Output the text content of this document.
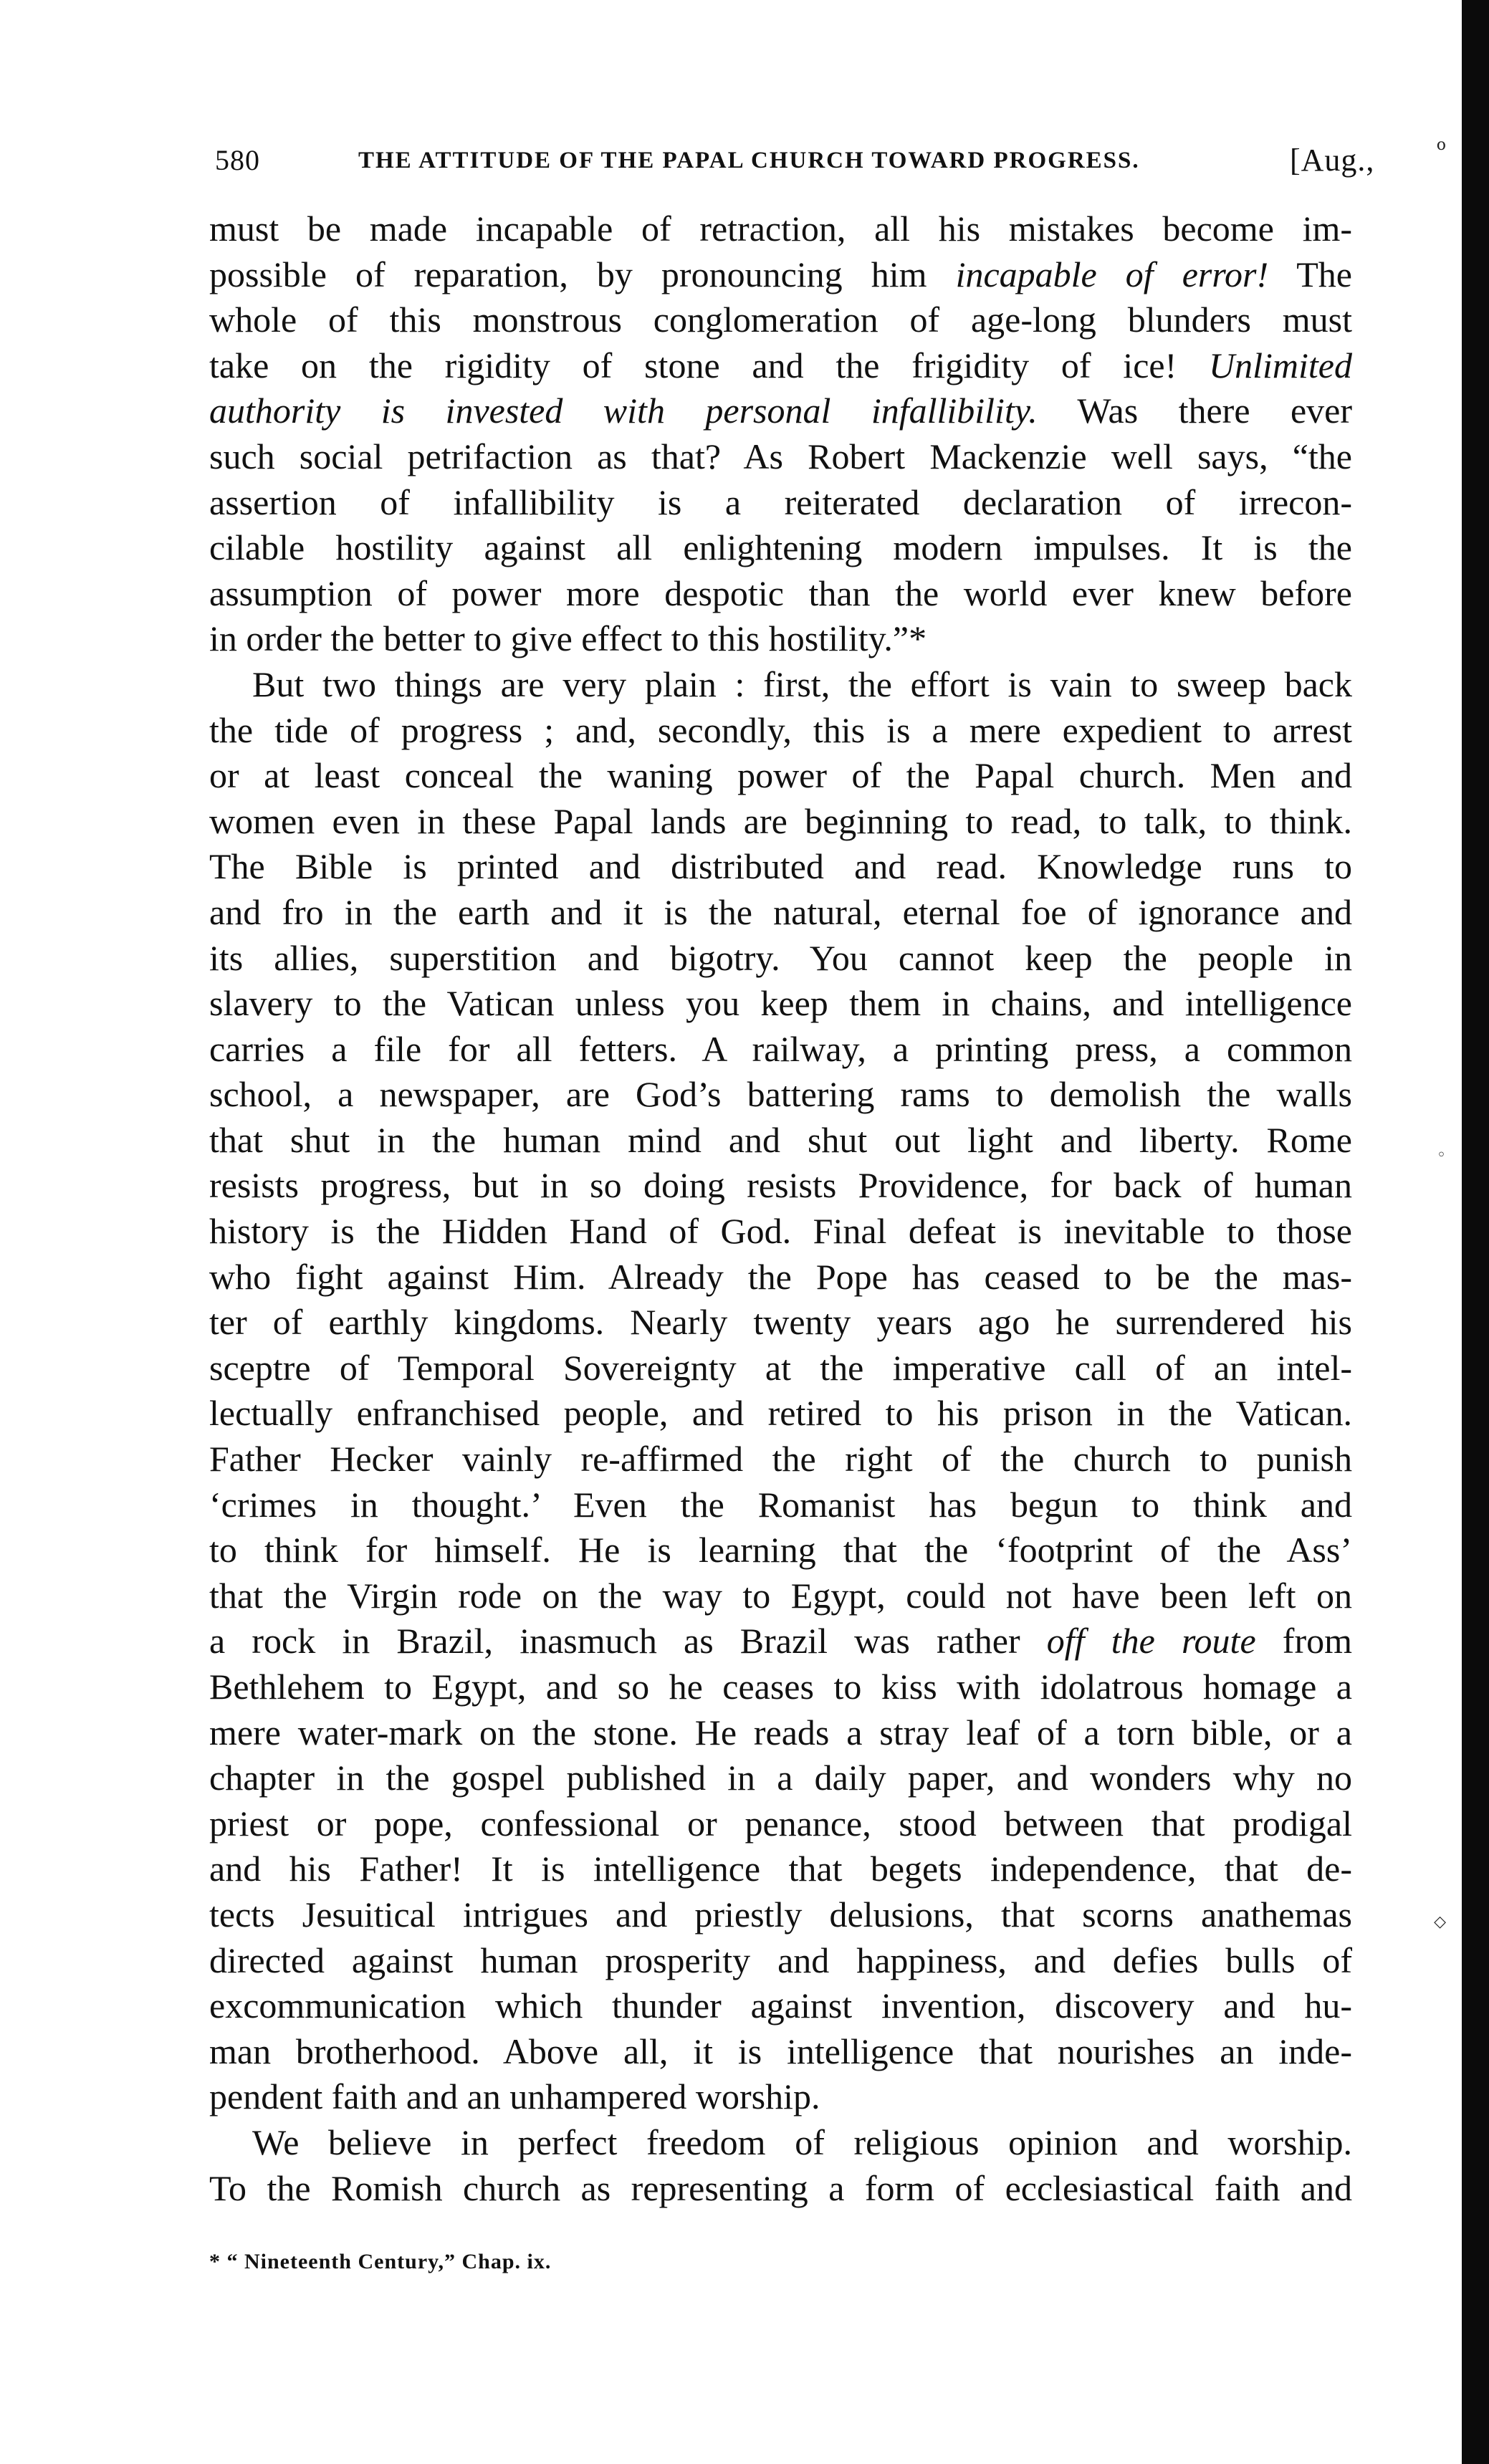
580	THE ATTITUDE OF THE PAPAL CHURCH TOWARD PROGRESS.	[Aug.,
must be made incapable of retraction, all his mistakes become im-
possible of reparation, by pronouncing him incapable of error! The
whole of this monstrous conglomeration of age-long blunders must
take on the rigidity of stone and the frigidity of ice! Unlimited
authority is invested with personal infallibility. Was there ever
such social petrifaction as that? As Robert Mackenzie well says, “the
assertion of infallibility is a reiterated declaration of irrecon-
cilable hostility against all enlightening modern impulses. It is the
assumption of power more despotic than the world ever knew before
in order the better to give effect to this hostility.”*
But two things are very plain : first, the effort is vain to sweep back
the tide of progress ; and, secondly, this is a mere expedient to arrest
or at least conceal the waning power of the Papal church. Men and
women even in these Papal lands are beginning to read, to talk, to think.
The Bible is printed and distributed and read. Knowledge runs to
and fro in the earth and it is the natural, eternal foe of ignorance and
its allies, superstition and bigotry. You cannot keep the people in
slavery to the Vatican unless you keep them in chains, and intelligence
carries a file for all fetters. A railway, a printing press, a common
school, a newspaper, are God’s battering rams to demolish the walls
that shut in the human mind and shut out light and liberty. Rome
resists progress, but in so doing resists Providence, for back of human
history is the Hidden Hand of God. Final defeat is inevitable to those
who fight against Him. Already the Pope has ceased to be the mas-
ter of earthly kingdoms. Nearly twenty years ago he surrendered his
sceptre of Temporal Sovereignty at the imperative call of an intel-
lectually enfranchised people, and retired to his prison in the Vatican.
Father Hecker vainly re-affirmed the right of the church to punish
‘crimes in thought.’ Even the Romanist has begun to think and
to think for himself. He is learning that the ‘footprint of the Ass’
that the Virgin rode on the way to Egypt, could not have been left on
a rock in Brazil, inasmuch as Brazil was rather off the route from
Bethlehem to Egypt, and so he ceases to kiss with idolatrous homage a
mere water-mark on the stone. He reads a stray leaf of a torn bible, or a
chapter in the gospel published in a daily paper, and wonders why no
priest or pope, confessional or penance, stood between that prodigal
and his Father! It is intelligence that begets independence, that de-
tects Jesuitical intrigues and priestly delusions, that scorns anathemas
directed against human prosperity and happiness, and defies bulls of
excommunication which thunder against invention, discovery and hu-
man brotherhood. Above all, it is intelligence that nourishes an inde-
pendent faith and an unhampered worship.
We believe in perfect freedom of religious opinion and worship.
To the Romish church as representing a form of ecclesiastical faith and
* “ Nineteenth Century,” Chap. ix.
o
◦
◇
